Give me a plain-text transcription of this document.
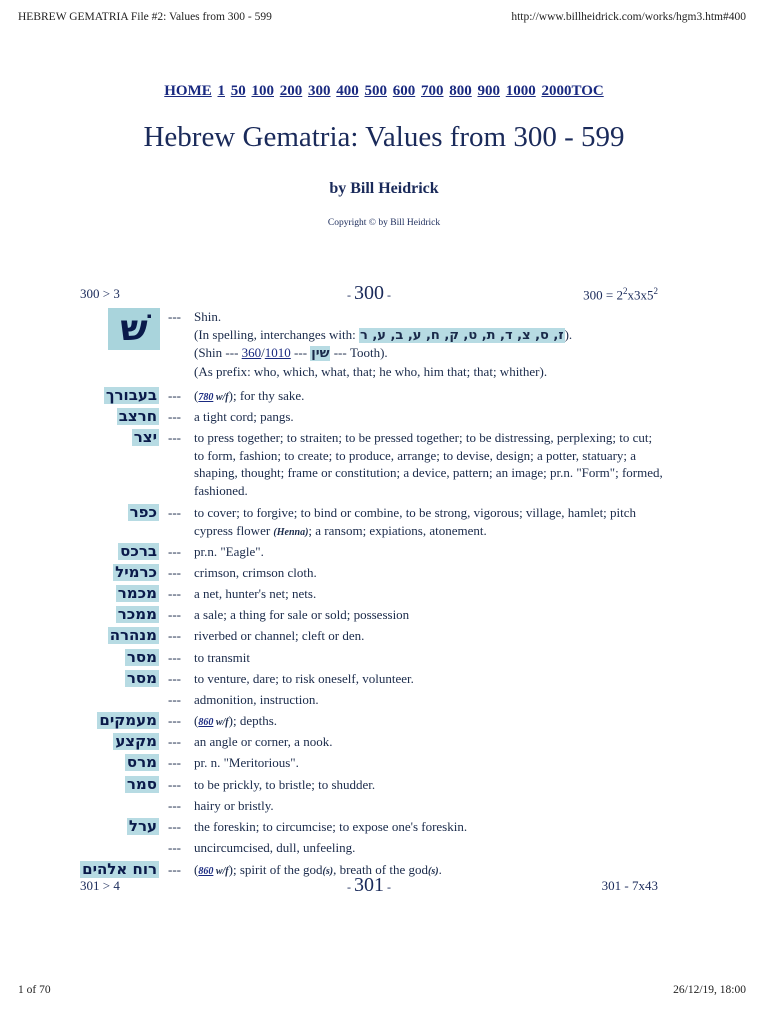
HEBREW GEMATRIA File #2: Values from 300 - 599	http://www.billheidrick.com/works/hgm3.htm#400
HOME 1 50 100 200 300 400 500 600 700 800 900 1000 2000TOC
Hebrew Gematria: Values from 300 - 599
by Bill Heidrick
Copyright © by Bill Heidrick
300 > 3	- 300 -	$300 = 2^2x3x5^2$
שׁ	--- Shin.
(In spelling, interchanges with: ז, ס, צ, ד, ת, ט, ק, ח, ע, ב, ע, ר).
(Shin ---	שין --- 360/1010	--- Tooth).
(As prefix: who, which, what, that; he who, him that; that; whither).
בעבורך --- (780 w/f); for thy sake.
חרצב --- a tight cord; pangs.
יצר --- to press together; to straiten; to be pressed together; to be distressing, perplexing; to cut; to form, fashion; to create; to produce, arrange; to devise, design; a potter, statuary; a shaping, thought; frame or constitution; a device, pattern; an image; pr.n. "Form"; formed, fashioned.
כפר --- to cover; to forgive; to bind or combine, to be strong, vigorous; village, hamlet; pitch cypress flower (Henna); a ransom; expiations, atonement.
ברכס --- pr.n. "Eagle".
כרמיל --- crimson, crimson cloth.
מכמר --- a net, hunter's net; nets.
ממכר --- a sale; a thing for sale or sold; possession
מנהרה --- riverbed or channel; cleft or den.
מסר --- to transmit
מסר --- to venture, dare; to risk oneself, volunteer.
--- admonition, instruction.
מעמקים --- (860 w/f); depths.
מקצע --- an angle or corner, a nook.
מרס --- pr. n. "Meritorious".
סמר --- to be prickly, to bristle; to shudder.
--- hairy or bristly.
ערל --- the foreskin; to circumcise; to expose one's foreskin.
--- uncircumcised, dull, unfeeling.
רוח אלהים --- (860 w/f); spirit of the god(s), breath of the god(s).
301 > 4	- 301 -	301 - 7x43
1 of 70	26/12/19, 18:00
